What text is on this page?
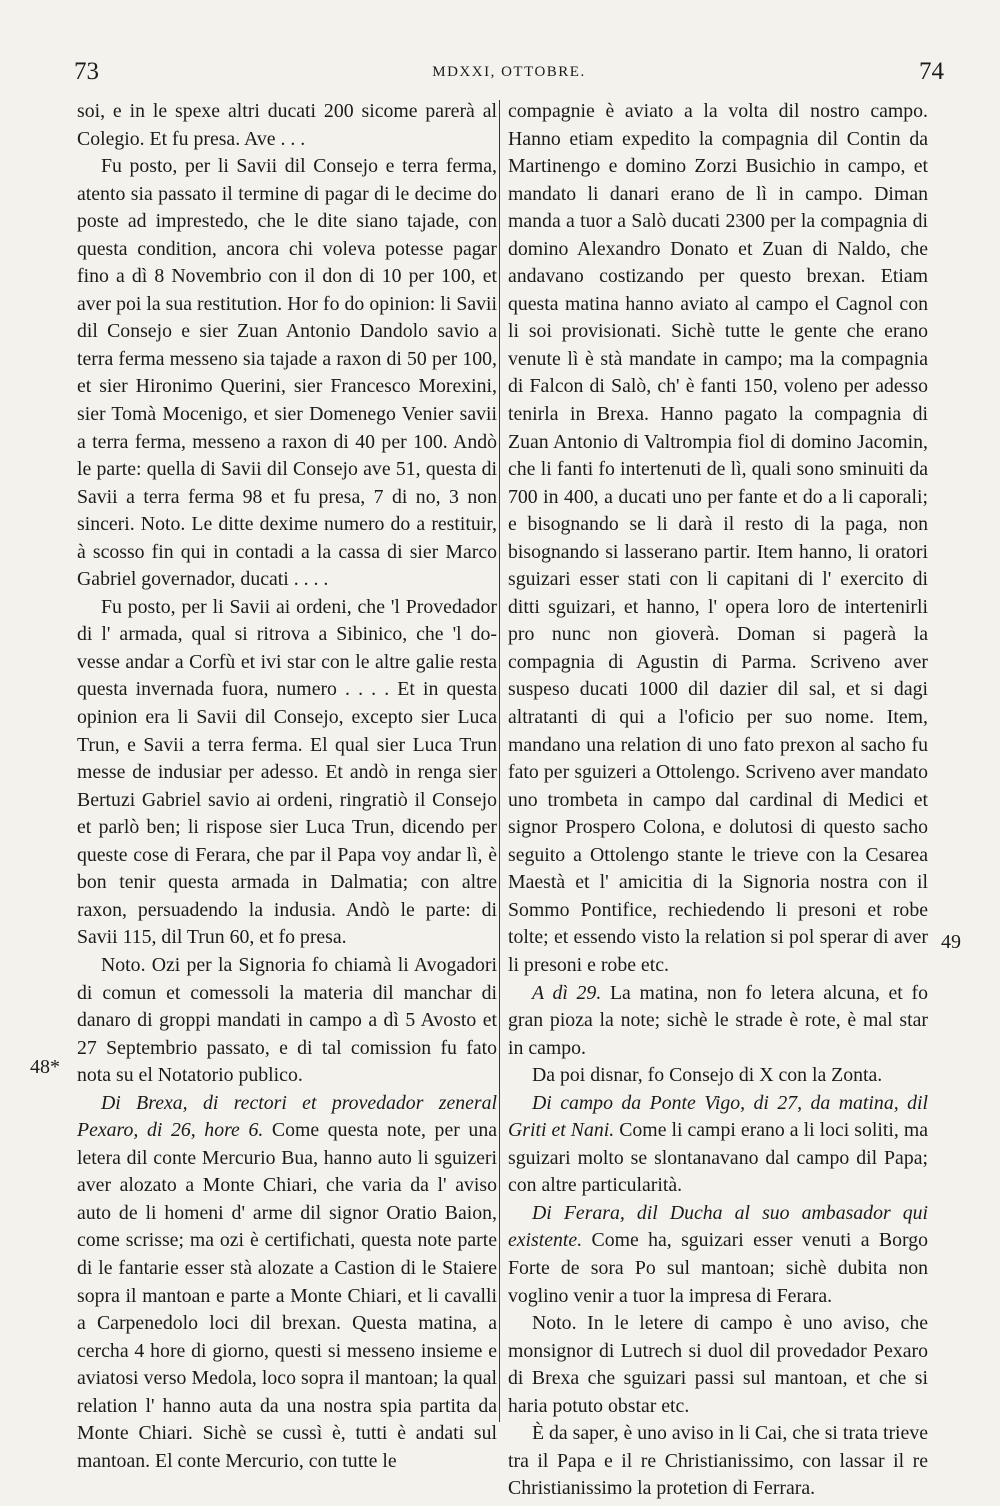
73	MDXXI, OTTOBRE.	74
48*
49

soi, e in le spexe altri ducati 200 sicome parerà al Colegio. Et fu presa. Ave . . .

Fu posto, per li Savii dil Consejo e terra ferma, atento sia passato il termine di pagar di le decime do poste ad imprestedo, che le dite siano tajade, con questa condition, ancora chi voleva potesse pagar fino a dì 8 Novembrio con il don di 10 per 100, et aver poi la sua restitution. Hor fo do opinion: li Savii dil Consejo e sier Zuan Antonio Dandolo savio a terra ferma messeno sia tajade a raxon di 50 per 100, et sier Hironimo Querini, sier Francesco Morexini, sier Tomà Mocenigo, et sier Domenego Venier savii a terra ferma, messeno a raxon di 40 per 100. Andò le parte: quella di Savii dil Consejo ave 51, questa di Savii a terra ferma 98 et fu presa, 7 di no, 3 non sinceri. Noto. Le ditte dexime numero do a restituir, à scosso fin qui in contadi a la cassa di sier Marco Gabriel governador, ducati . . . .

Fu posto, per li Savii ai ordeni, che 'l Provedador di l' armada, qual si ritrova a Sibinico, che 'l do-vesse andar a Corfù et ivi star con le altre galie resta questa invernada fuora, numero . . . . Et in questa opinion era li Savii dil Consejo, excepto sier Luca Trun, e Savii a terra ferma. El qual sier Luca Trun messe de indusiar per adesso. Et andò in renga sier Bertuzi Gabriel savio ai ordeni, ringratiò il Consejo et parlò ben; li rispose sier Luca Trun, dicendo per queste cose di Ferara, che par il Papa voy andar lì, è bon tenir questa armada in Dalmatia; con altre raxon, persuadendo la indusia. Andò le parte: di Savii 115, dil Trun 60, et fo presa.

Noto. Ozi per la Signoria fo chiamà li Avogadori di comun et comessoli la materia dil manchar di danaro di groppi mandati in campo a dì 5 Avosto et 27 Septembrio passato, e di tal comission fu fato nota su el Notatorio publico.

Di Brexa, di rectori et provedador zeneral Pexaro, di 26, hore 6. Come questa note, per una letera dil conte Mercurio Bua, hanno auto li sguizeri aver alozato a Monte Chiari, che varia da l' aviso auto de li homeni d' arme dil signor Oratio Baion, come scrisse; ma ozi è certifichati, questa note parte di le fantarie esser stà alozate a Castion di le Staiere sopra il mantoan e parte a Monte Chiari, et li cavalli a Carpenedolo loci dil brexan. Questa matina, a cercha 4 hore di giorno, questi si messeno insieme e aviatosi verso Medola, loco sopra il mantoan; la qual relation l' hanno auta da una nostra spia partita da Monte Chiari. Sichè se cussì è, tutti è andati sul mantoan. El conte Mercurio, con tutte le

compagnie è aviato a la volta dil nostro campo. Hanno etiam expedito la compagnia dil Contin da Martinengo e domino Zorzi Busichio in campo, et mandato li danari erano de lì in campo. Diman manda a tuor a Salò ducati 2300 per la compagnia di domino Alexandro Donato et Zuan di Naldo, che andavano costizando per questo brexan. Etiam questa matina hanno aviato al campo el Cagnol con li soi provisionati. Sichè tutte le gente che erano venute lì è stà mandate in campo; ma la compagnia di Falcon di Salò, ch' è fanti 150, voleno per adesso tenirla in Brexa. Hanno pagato la compagnia di Zuan Antonio di Valtrompia fiol di domino Jacomin, che li fanti fo intertenuti de lì, quali sono sminuiti da 700 in 400, a ducati uno per fante et do a li caporali; e bisognando se li darà il resto di la paga, non bisognando si lasserano partir. Item hanno, li oratori sguizari esser stati con li capitani di l' exercito di ditti sguizari, et hanno, l' opera loro de intertenirli pro nunc non gioverà. Doman si pagerà la compagnia di Agustin di Parma. Scriveno aver suspeso ducati 1000 dil dazier dil sal, et si dagi altratanti di qui a l'oficio per suo nome. Item, mandano una relation di uno fato prexon al sacho fu fato per sguizeri a Ottolengo. Scriveno aver mandato uno trombeta in campo dal cardinal di Medici et signor Prospero Colona, e dolutosi di questo sacho seguito a Ottolengo stante le trieve con la Cesarea Maestà et l' amicitia di la Signoria nostra con il Sommo Pontifice, rechiedendo li presoni et robe tolte; et essendo visto la relation si pol sperar di aver li presoni e robe etc.

A dì 29. La matina, non fo letera alcuna, et fo gran pioza la note; sichè le strade è rote, è mal star in campo.

Da poi disnar, fo Consejo di X con la Zonta.

Di campo da Ponte Vigo, di 27, da matina, dil Griti et Nani. Come li campi erano a li loci soliti, ma sguizari molto se slontanavano dal campo dil Papa; con altre particularità.

Di Ferara, dil Ducha al suo ambasador qui existente. Come ha, sguizari esser venuti a Borgo Forte de sora Po sul mantoan; sichè dubita non voglino venir a tuor la impresa di Ferara.

Noto. In le letere di campo è uno aviso, che monsignor di Lutrech si duol dil provedador Pexaro di Brexa che sguizari passi sul mantoan, et che si haria potuto obstar etc.

È da saper, è uno aviso in li Cai, che si trata trieve tra il Papa e il re Christianissimo, con lassar il re Christianissimo la protetion di Ferrara.
